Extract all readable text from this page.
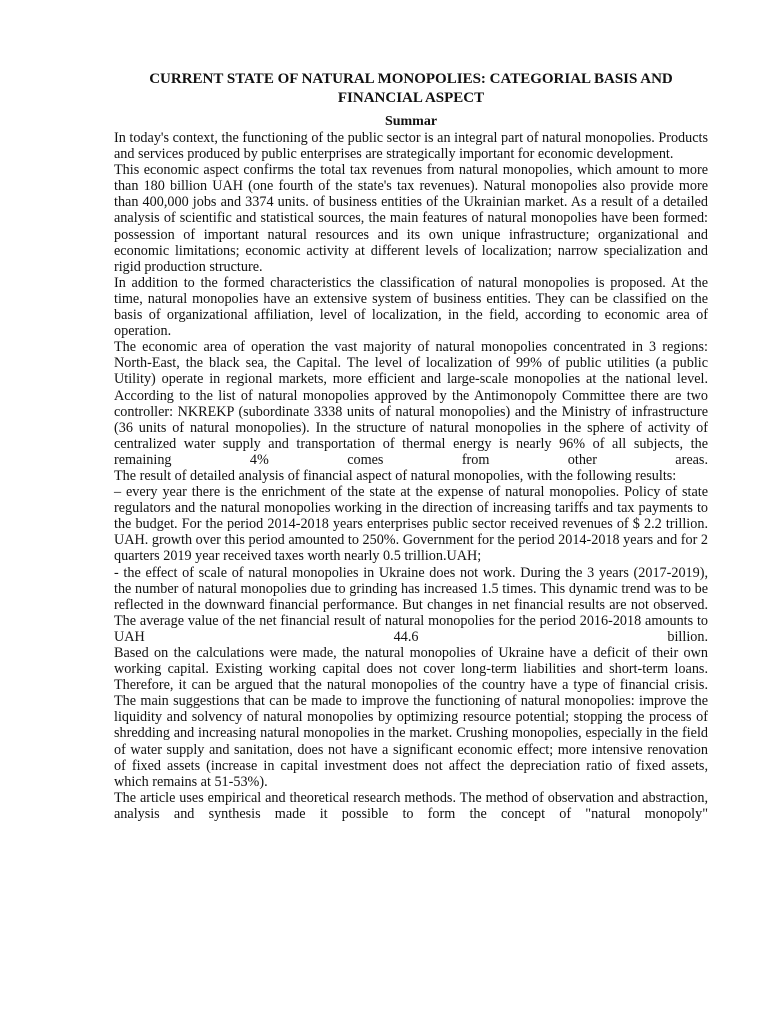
CURRENT STATE OF NATURAL MONOPOLIES: CATEGORIAL BASIS AND FINANCIAL ASPECT
Summar

In today's context, the functioning of the public sector is an integral part of natural monopolies. Products and services produced by public enterprises are strategically important for economic development.

This economic aspect confirms the total tax revenues from natural monopolies, which amount to more than 180 billion UAH (one fourth of the state's tax revenues). Natural monopolies also provide more than 400,000 jobs and 3374 units. of business entities of the Ukrainian market. As a result of a detailed analysis of scientific and statistical sources, the main features of natural monopolies have been formed: possession of important natural resources and its own unique infrastructure; organizational and economic limitations; economic activity at different levels of localization; narrow specialization and rigid production structure.

In addition to the formed characteristics the classification of natural monopolies is proposed. At the time, natural monopolies have an extensive system of business entities. They can be classified on the basis of organizational affiliation, level of localization, in the field, according to economic area of operation.

The economic area of operation the vast majority of natural monopolies concentrated in 3 regions: North-East, the black sea, the Capital. The level of localization of 99% of public utilities (a public Utility) operate in regional markets, more efficient and large-scale monopolies at the national level. According to the list of natural monopolies approved by the Antimonopoly Committee there are two controller: NKREKP (subordinate 3338 units of natural monopolies) and the Ministry of infrastructure (36 units of natural monopolies). In the structure of natural monopolies in the sphere of activity of centralized water supply and transportation of thermal energy is nearly 96% of all subjects, the remaining 4% comes from other areas.

The result of detailed analysis of financial aspect of natural monopolies, with the following results:

– every year there is the enrichment of the state at the expense of natural monopolies. Policy of state regulators and the natural monopolies working in the direction of increasing tariffs and tax payments to the budget. For the period 2014-2018 years enterprises public sector received revenues of $ 2.2 trillion. UAH. growth over this period amounted to 250%. Government for the period 2014-2018 years and for 2 quarters 2019 year received taxes worth nearly 0.5 trillion.UAH;

- the effect of scale of natural monopolies in Ukraine does not work. During the 3 years (2017-2019), the number of natural monopolies due to grinding has increased 1.5 times. This dynamic trend was to be reflected in the downward financial performance. But changes in net financial results are not observed. The average value of the net financial result of natural monopolies for the period 2016-2018 amounts to UAH 44.6 billion.

Based on the calculations were made, the natural monopolies of Ukraine have a deficit of their own working capital. Existing working capital does not cover long-term liabilities and short-term loans. Therefore, it can be argued that the natural monopolies of the country have a type of financial crisis.

The main suggestions that can be made to improve the functioning of natural monopolies: improve the liquidity and solvency of natural monopolies by optimizing resource potential; stopping the process of shredding and increasing natural monopolies in the market. Crushing monopolies, especially in the field of water supply and sanitation, does not have a significant economic effect; more intensive renovation of fixed assets (increase in capital investment does not affect the depreciation ratio of fixed assets, which remains at 51-53%).

The article uses empirical and theoretical research methods. The method of observation and abstraction, analysis and synthesis made it possible to form the concept of "natural monopoly"
